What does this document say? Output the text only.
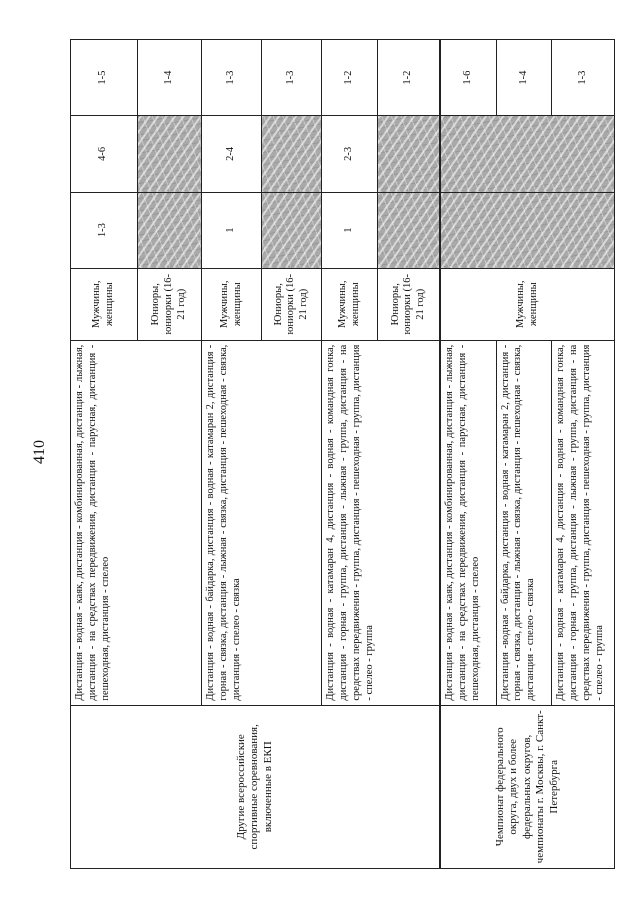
410
Другие всероссийские спортивные соревнования, включенные в ЕКП	Дистанция - водная - каяк, дистанция - комбинированная, дистанция - лыжная, дистанция - на средствах передвижения, дистанция - парусная, дистанция - пешеходная, дистанция - спелео	Мужчины, женщины	1-3	4-6	1-5
		Юниоры, юниорки (16-21 год)			1-4
	Дистанция - водная - байдарка, дистанция - водная - катамаран 2, дистанция - горная - связка, дистанция - лыжная - связка, дистанция - пешеходная - связка, дистанция - спелео - связка	Мужчины, женщины	1	2-4	1-3
		Юниоры, юниорки (16-21 год)			1-3
	Дистанция - водная - катамаран 4, дистанция - водная - командная гонка, дистанция - горная - группа, дистанция - лыжная - группа, дистанция - на средствах передвижения - группа, дистанция - пешеходная - группа, дистанция - спелео - группа	Мужчины, женщины	1	2-3	1-2
		Юниоры, юниорки (16-21 год)			1-2
Чемпионат федерального округа, двух и более федеральных округов, чемпионаты г. Москвы, г. Санкт-Петербурга	Дистанция - водная - каяк, дистанция - комбинированная, дистанция - лыжная, дистанция - на средствах передвижения, дистанция - парусная, дистанция - пешеходная, дистанция - спелео	Мужчины, женщины			1-6
	Дистанция -водная - байдарка, дистанция - водная - катамаран 2, дистанция - горная - связка, дистанция - лыжная - связка, дистанция - пешеходная - связка, дистанция - спелео - связка				1-4
	Дистанция - водная - катамаран 4, дистанция - водная - командная гонка, дистанция - горная - группа, дистанция - лыжная - группа, дистанция - на средствах передвижения - группа, дистанция - пешеходная - группа, дистанция - спелео - группа				1-3
